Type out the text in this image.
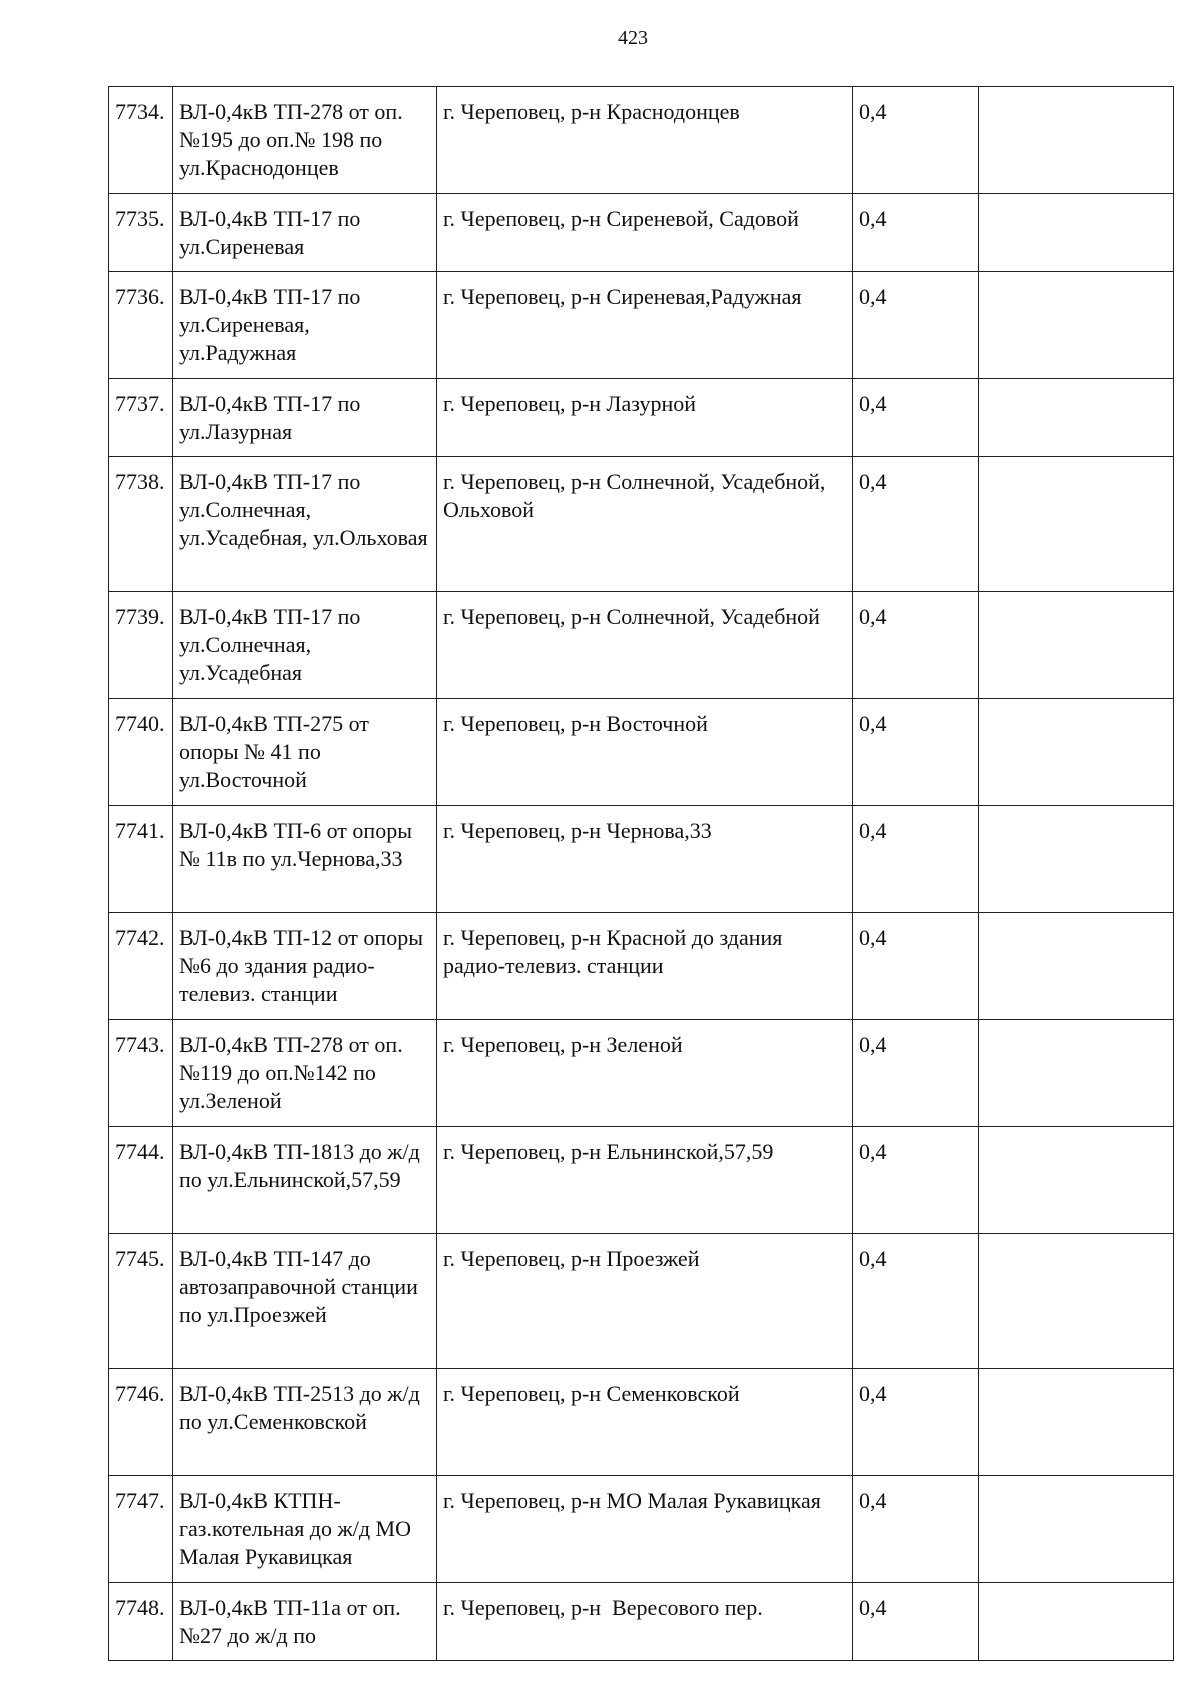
423
7734.	ВЛ-0,4кВ ТП-278 от оп.№195 до оп.№ 198 по ул.Краснодонцев	г. Череповец, р-н Краснодонцев	0,4	
7735.	ВЛ-0,4кВ ТП-17 по ул.Сиреневая	г. Череповец, р-н Сиреневой, Садовой	0,4	
7736.	ВЛ-0,4кВ ТП-17 по ул.Сиреневая, ул.Радужная	г. Череповец, р-н Сиреневая,Радужная	0,4	
7737.	ВЛ-0,4кВ ТП-17 по ул.Лазурная	г. Череповец, р-н Лазурной	0,4	
7738.	ВЛ-0,4кВ ТП-17 по ул.Солнечная, ул.Усадебная, ул.Ольховая	г. Череповец, р-н Солнечной, Усадебной, Ольховой	0,4	
7739.	ВЛ-0,4кВ ТП-17 по ул.Солнечная, ул.Усадебная	г. Череповец, р-н Солнечной, Усадебной	0,4	
7740.	ВЛ-0,4кВ ТП-275 от опоры № 41 по ул.Восточной	г. Череповец, р-н Восточной	0,4	
7741.	ВЛ-0,4кВ ТП-6 от опоры № 11в по ул.Чернова,33	г. Череповец, р-н Чернова,33	0,4	
7742.	ВЛ-0,4кВ ТП-12 от опоры №6 до здания радио-телевиз. станции	г. Череповец, р-н Красной до здания радио-телевиз. станции	0,4	
7743.	ВЛ-0,4кВ ТП-278 от оп.№119 до оп.№142 по ул.Зеленой	г. Череповец, р-н Зеленой	0,4	
7744.	ВЛ-0,4кВ ТП-1813 до ж/д по ул.Ельнинской,57,59	г. Череповец, р-н Ельнинской,57,59	0,4	
7745.	ВЛ-0,4кВ ТП-147 до автозаправочной станции по ул.Проезжей	г. Череповец, р-н Проезжей	0,4	
7746.	ВЛ-0,4кВ ТП-2513 до ж/д по ул.Семенковской	г. Череповец, р-н Семенковской	0,4	
7747.	ВЛ-0,4кВ КТПН-газ.котельная до ж/д МО Малая Рукавицкая	г. Череповец, р-н МО Малая Рукавицкая	0,4	
7748.	ВЛ-0,4кВ ТП-11а от оп.№27 до ж/д по	г. Череповец, р-н  Вересового пер.	0,4	
